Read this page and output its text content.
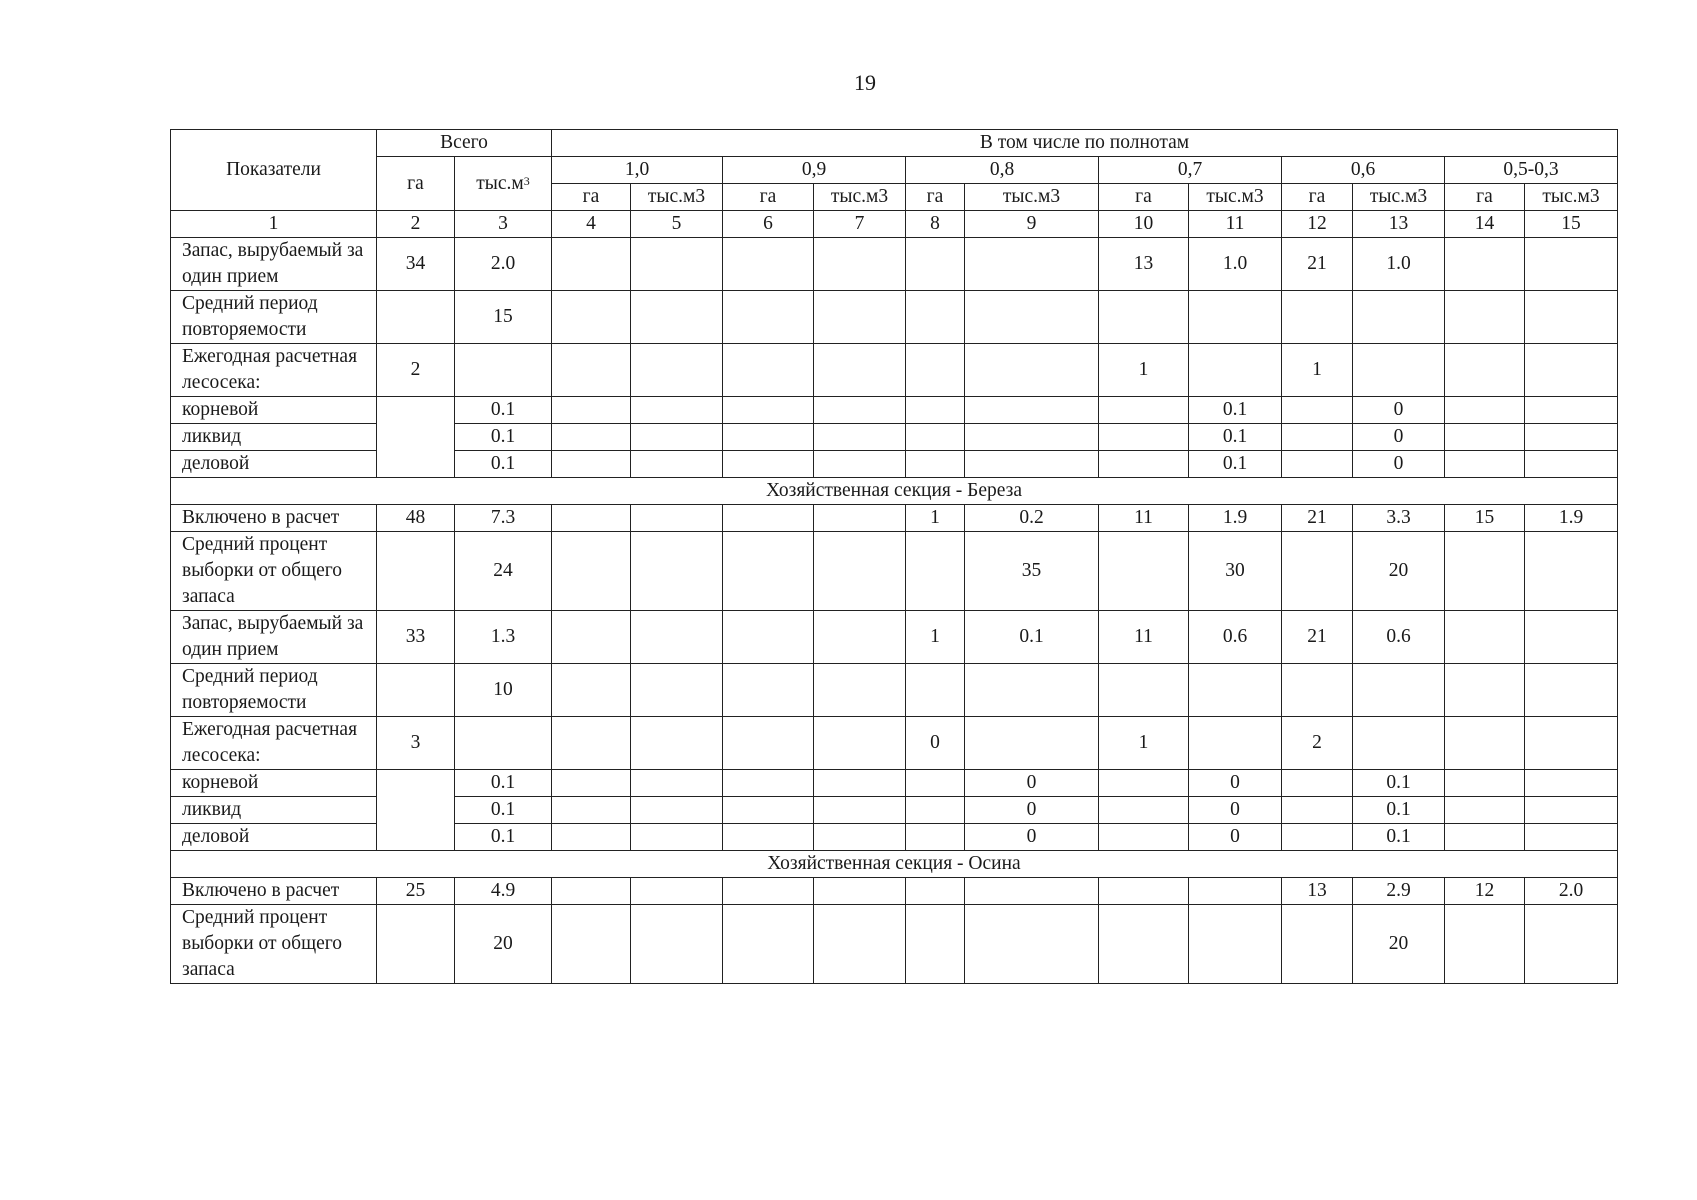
19
Показатели	Всего		В том числе по полнотам											
	га	$тыс.м^3$	1,0		0,9		0,8		0,7		0,6		0,5-0,3	
			га	тыс.м3	га	тыс.м3	га	тыс.м3	га	тыс.м3	га	тыс.м3	га	тыс.м3
1	2	3	4	5	6	7	8	9	10	11	12	13	14	15
Запас, вырубаемый за один прием	34	2.0							13	1.0	21	1.0		
Средний период повторяемости		15												
Ежегодная расчетная лесосека:	2								1		1			
корневой		0.1								0.1		0		
ликвид		0.1								0.1		0		
деловой		0.1								0.1		0		
Хозяйственная секция - Береза														
Включено в расчет	48	7.3					1	0.2	11	1.9	21	3.3	15	1.9
Средний процент выборки от общего запаса		24						35		30		20		
Запас, вырубаемый за один прием	33	1.3					1	0.1	11	0.6	21	0.6		
Средний период повторяемости		10												
Ежегодная расчетная лесосека:	3						0		1		2			
корневой		0.1						0		0		0.1		
ликвид		0.1						0		0		0.1		
деловой		0.1						0		0		0.1		
Хозяйственная секция - Осина														
Включено в расчет	25	4.9									13	2.9	12	2.0
Средний процент выборки от общего запаса		20										20		
